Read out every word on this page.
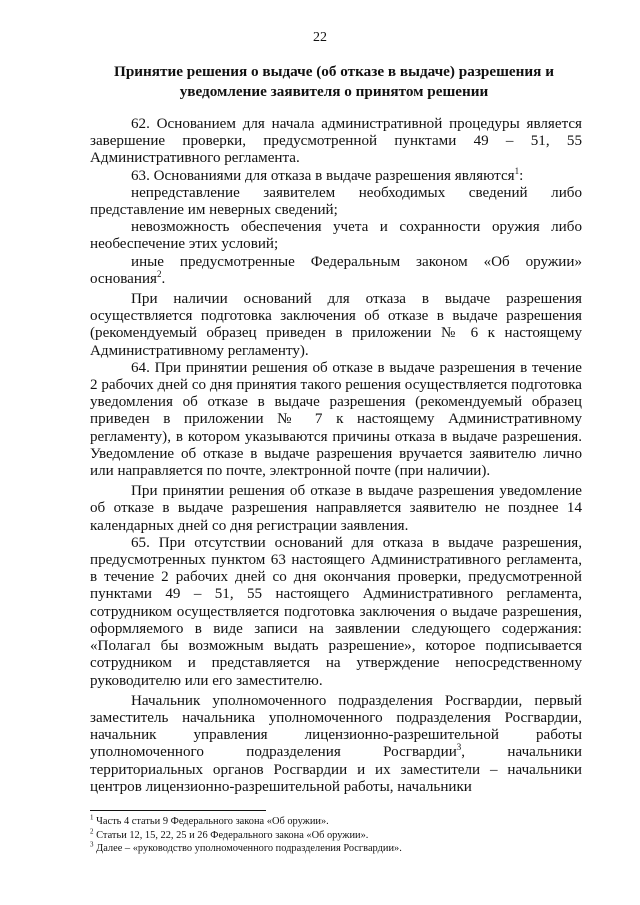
22
Принятие решения о выдаче (об отказе в выдаче) разрешения и уведомление заявителя о принятом решении

62. Основанием для начала административной процедуры является завершение проверки, предусмотренной пунктами 49 – 51, 55 Административного регламента.

63. Основаниями для отказа в выдаче разрешения являются$^1$:

непредставление заявителем необходимых сведений либо представление им неверных сведений;

невозможность обеспечения учета и сохранности оружия либо необеспечение этих условий;

иные предусмотренные Федеральным законом «Об оружии» основания$^2$.

При наличии оснований для отказа в выдаче разрешения осуществляется подготовка заключения об отказе в выдаче разрешения (рекомендуемый образец приведен в приложении № 6 к настоящему Административному регламенту).

64. При принятии решения об отказе в выдаче разрешения в течение 2 рабочих дней со дня принятия такого решения осуществляется подготовка уведомления об отказе в выдаче разрешения (рекомендуемый образец приведен в приложении № 7 к настоящему Административному регламенту), в котором указываются причины отказа в выдаче разрешения. Уведомление об отказе в выдаче разрешения вручается заявителю лично или направляется по почте, электронной почте (при наличии).

При принятии решения об отказе в выдаче разрешения уведомление об отказе в выдаче разрешения направляется заявителю не позднее 14 календарных дней со дня регистрации заявления.

65. При отсутствии оснований для отказа в выдаче разрешения, предусмотренных пунктом 63 настоящего Административного регламента, в течение 2 рабочих дней со дня окончания проверки, предусмотренной пунктами 49 – 51, 55 настоящего Административного регламента, сотрудником осуществляется подготовка заключения о выдаче разрешения, оформляемого в виде записи на заявлении следующего содержания: «Полагал бы возможным выдать разрешение», которое подписывается сотрудником и представляется на утверждение непосредственному руководителю или его заместителю.

Начальник уполномоченного подразделения Росгвардии, первый заместитель начальника уполномоченного подразделения Росгвардии, начальник управления лицензионно-разрешительной работы уполномоченного подразделения Росгвардии$^3$, начальники территориальных органов Росгвардии и их заместители – начальники центров лицензионно-разрешительной работы, начальники

$^1$ Часть 4 статьи 9 Федерального закона «Об оружии».

$^2$ Статьи 12, 15, 22, 25 и 26 Федерального закона «Об оружии».

$^3$ Далее – «руководство уполномоченного подразделения Росгвардии».
